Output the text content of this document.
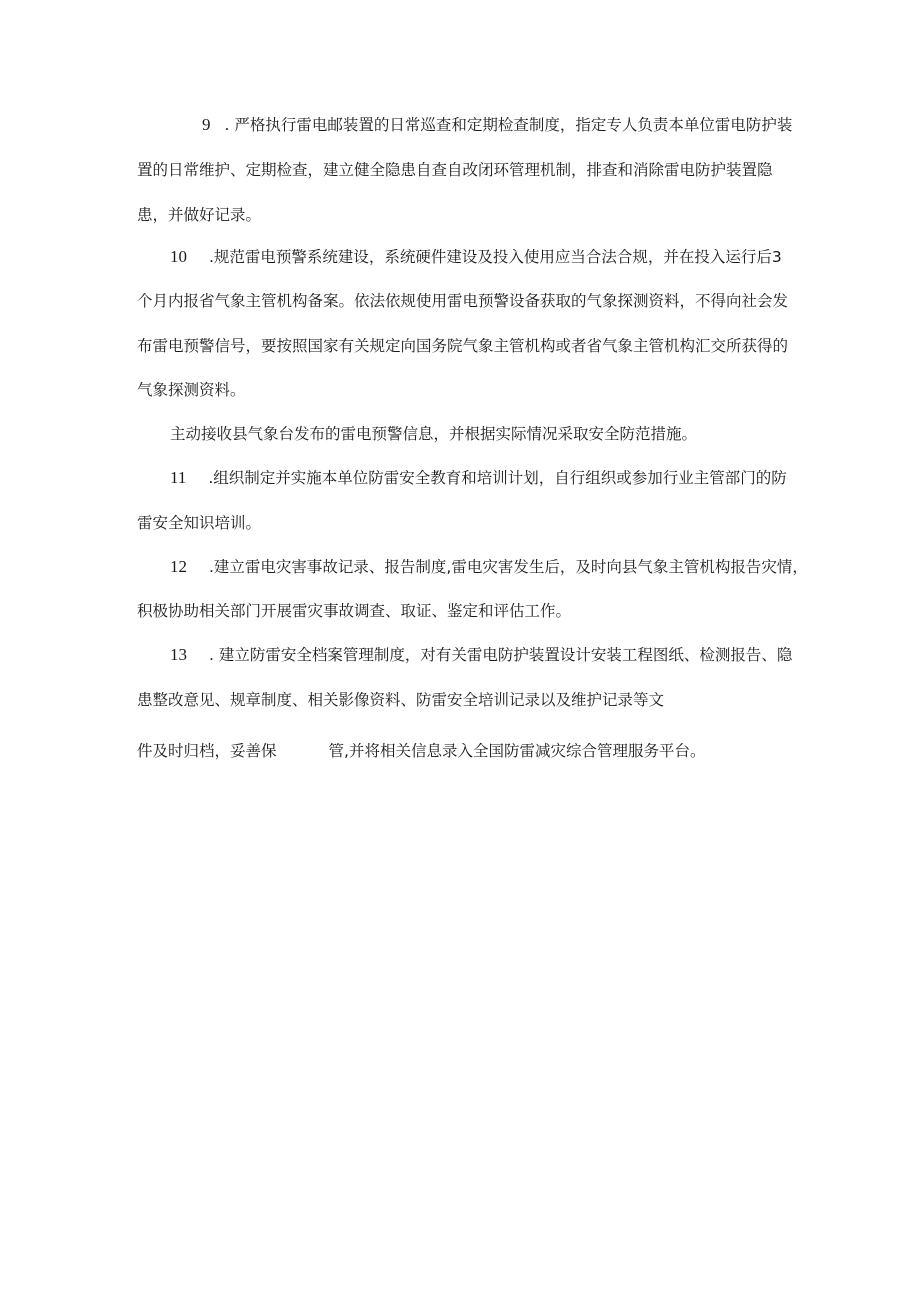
9 . 严格执行雷电邮装置的日常巡查和定期检查制度，指定专人负责本单位雷电防护装
置的日常维护、定期检查，建立健全隐患自查自改闭环管理机制，排查和消除雷电防护装置隐
患，并做好记录。
10 .规范雷电预警系统建设，系统硬件建设及投入使用应当合法合规，并在投入运行后3
个月内报省气象主管机构备案。依法依规使用雷电预警设备获取的气象探测资料，不得向社会发
布雷电预警信号，要按照国家有关规定向国务院气象主管机构或者省气象主管机构汇交所获得的
气象探测资料。
主动接收县气象台发布的雷电预警信息，并根据实际情况采取安全防范措施。
11 .组织制定并实施本单位防雷安全教育和培训计划，自行组织或参加行业主管部门的防
雷安全知识培训。
12 .建立雷电灾害事故记录、报告制度,雷电灾害发生后，及时向县气象主管机构报告灾情，
积极协助相关部门开展雷灾事故调查、取证、鉴定和评估工作。
13 . 建立防雷安全档案管理制度，对有关雷电防护装置设计安装工程图纸、检测报告、隐
患整改意见、规章制度、相关影像资料、防雷安全培训记录以及维护记录等文
件及时归档，妥善保	管,并将相关信息录入全国防雷减灾综合管理服务平台。
